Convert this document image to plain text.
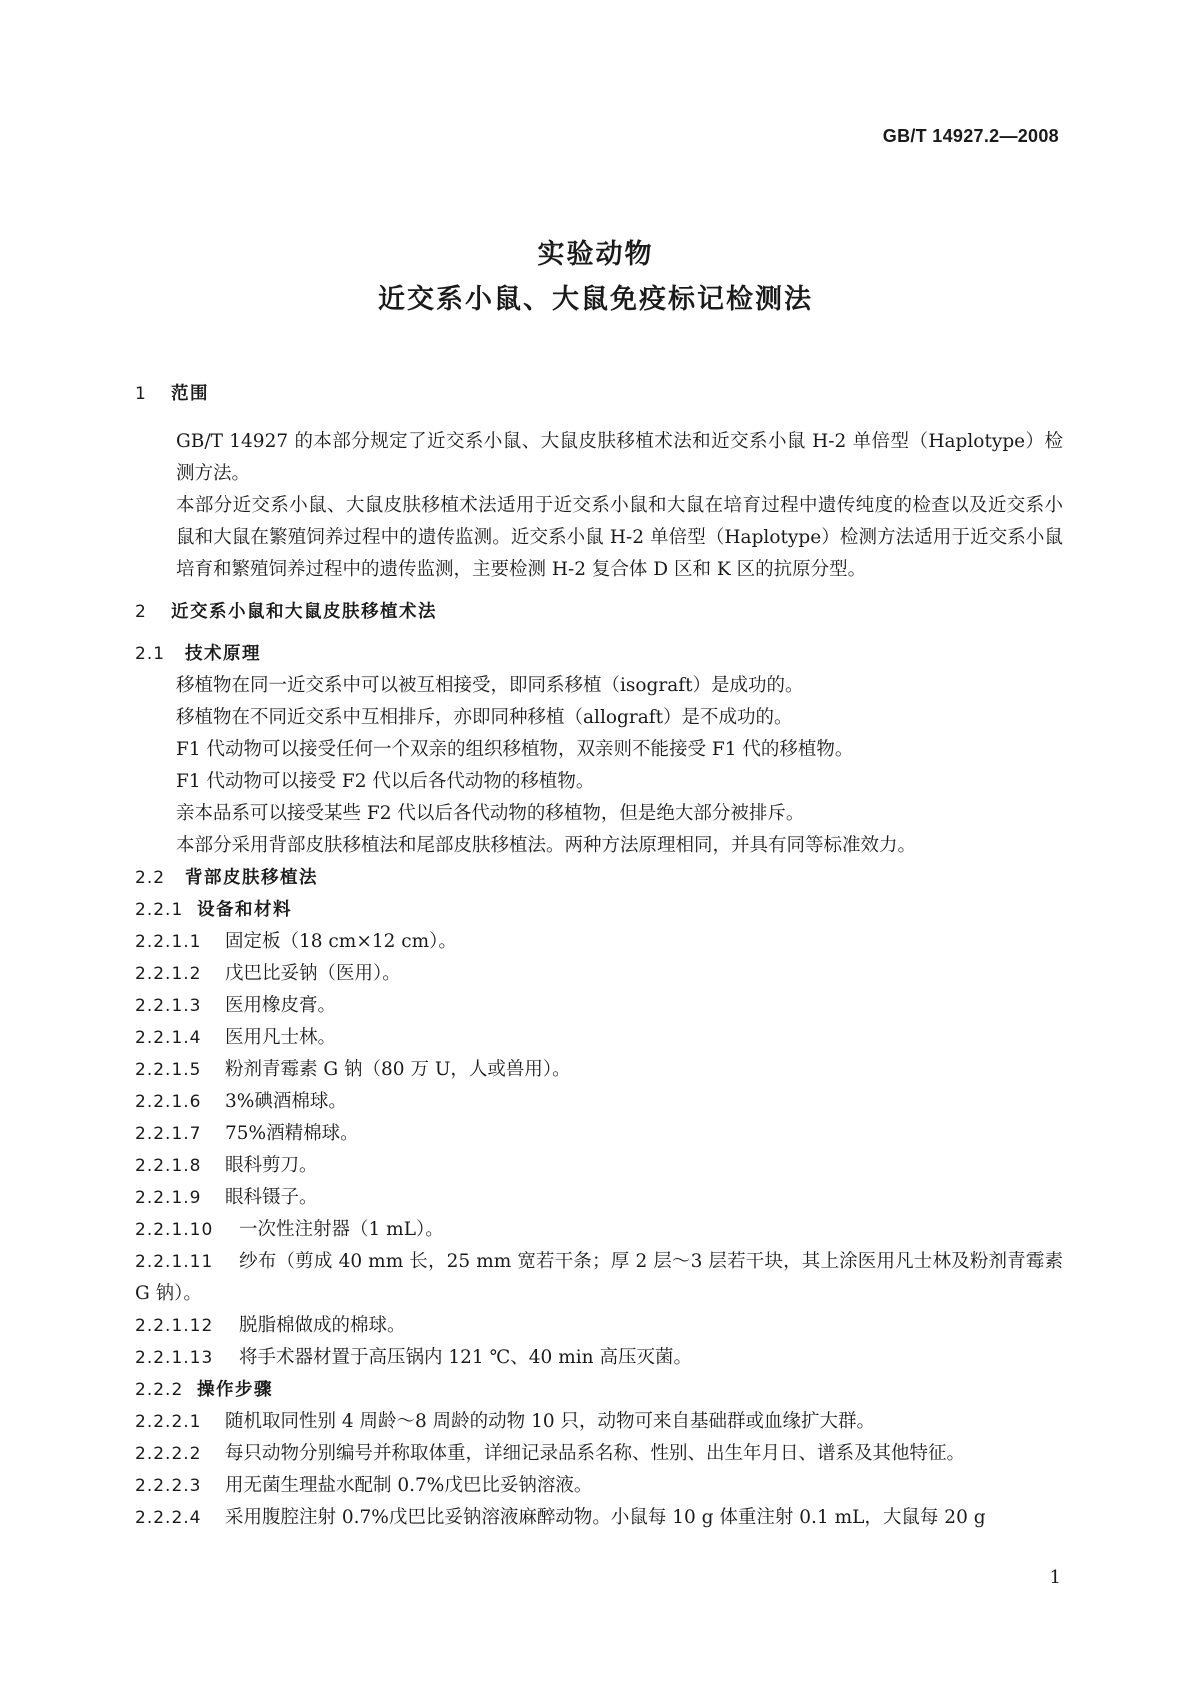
GB/T 14927.2—2008
实验动物
近交系小鼠、大鼠免疫标记检测法
1 范围
GB/T 14927 的本部分规定了近交系小鼠、大鼠皮肤移植术法和近交系小鼠 H-2 单倍型（Haplotype）检测方法。
本部分近交系小鼠、大鼠皮肤移植术法适用于近交系小鼠和大鼠在培育过程中遗传纯度的检查以及近交系小鼠和大鼠在繁殖饲养过程中的遗传监测。近交系小鼠 H-2 单倍型（Haplotype）检测方法适用于近交系小鼠培育和繁殖饲养过程中的遗传监测，主要检测 H-2 复合体 D 区和 K 区的抗原分型。
2 近交系小鼠和大鼠皮肤移植术法
2.1 技术原理
移植物在同一近交系中可以被互相接受，即同系移植（isograft）是成功的。
移植物在不同近交系中互相排斥，亦即同种移植（allograft）是不成功的。
F1 代动物可以接受任何一个双亲的组织移植物，双亲则不能接受 F1 代的移植物。
F1 代动物可以接受 F2 代以后各代动物的移植物。
亲本品系可以接受某些 F2 代以后各代动物的移植物，但是绝大部分被排斥。
本部分采用背部皮肤移植法和尾部皮肤移植法。两种方法原理相同，并具有同等标准效力。
2.2 背部皮肤移植法
2.2.1 设备和材料
2.2.1.1 固定板（18 cm×12 cm）。
2.2.1.2 戊巴比妥钠（医用）。
2.2.1.3 医用橡皮膏。
2.2.1.4 医用凡士林。
2.2.1.5 粉剂青霉素 G 钠（80 万 U，人或兽用）。
2.2.1.6 3%碘酒棉球。
2.2.1.7 75%酒精棉球。
2.2.1.8 眼科剪刀。
2.2.1.9 眼科镊子。
2.2.1.10 一次性注射器（1 mL）。
2.2.1.11 纱布（剪成 40 mm 长，25 mm 宽若干条；厚 2 层～3 层若干块，其上涂医用凡士林及粉剂青霉素 G 钠）。
2.2.1.12 脱脂棉做成的棉球。
2.2.1.13 将手术器材置于高压锅内 121 ℃、40 min 高压灭菌。
2.2.2 操作步骤
2.2.2.1 随机取同性别 4 周龄～8 周龄的动物 10 只，动物可来自基础群或血缘扩大群。
2.2.2.2 每只动物分别编号并称取体重，详细记录品系名称、性别、出生年月日、谱系及其他特征。
2.2.2.3 用无菌生理盐水配制 0.7%戊巴比妥钠溶液。
2.2.2.4 采用腹腔注射 0.7%戊巴比妥钠溶液麻醉动物。小鼠每 10 g 体重注射 0.1 mL，大鼠每 20 g
1
